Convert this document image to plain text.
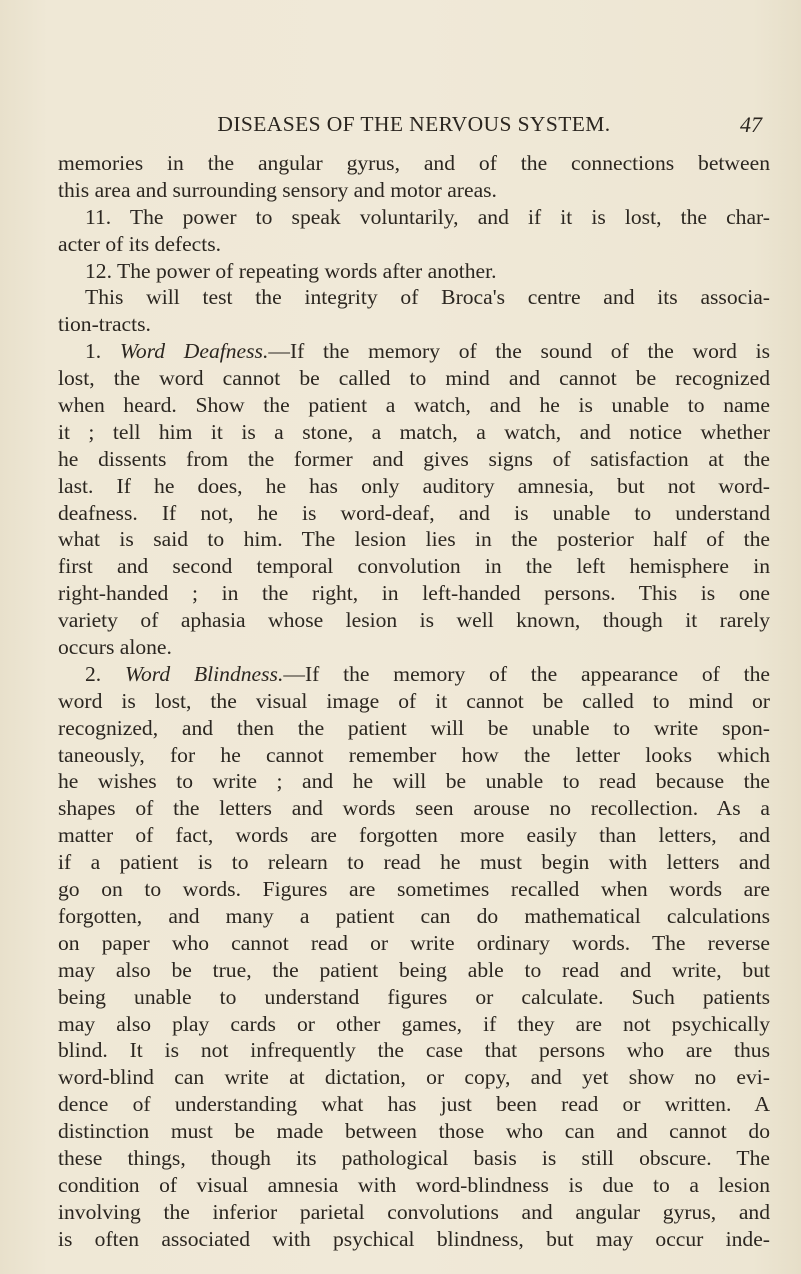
DISEASES OF THE NERVOUS SYSTEM.	47
memories in the angular gyrus, and of the connections between
this area and surrounding sensory and motor areas.
11. The power to speak voluntarily, and if it is lost, the char-
acter of its defects.
12. The power of repeating words after another.
This will test the integrity of Broca's centre and its associa-
tion-tracts.
1. Word Deafness.—If the memory of the sound of the word is
lost, the word cannot be called to mind and cannot be recognized
when heard. Show the patient a watch, and he is unable to name
it ; tell him it is a stone, a match, a watch, and notice whether
he dissents from the former and gives signs of satisfaction at the
last. If he does, he has only auditory amnesia, but not word-
deafness. If not, he is word-deaf, and is unable to understand
what is said to him. The lesion lies in the posterior half of the
first and second temporal convolution in the left hemisphere in
right-handed ; in the right, in left-handed persons. This is one
variety of aphasia whose lesion is well known, though it rarely
occurs alone.
2. Word Blindness.—If the memory of the appearance of the
word is lost, the visual image of it cannot be called to mind or
recognized, and then the patient will be unable to write spon-
taneously, for he cannot remember how the letter looks which
he wishes to write ; and he will be unable to read because the
shapes of the letters and words seen arouse no recollection. As a
matter of fact, words are forgotten more easily than letters, and
if a patient is to relearn to read he must begin with letters and
go on to words. Figures are sometimes recalled when words are
forgotten, and many a patient can do mathematical calculations
on paper who cannot read or write ordinary words. The reverse
may also be true, the patient being able to read and write, but
being unable to understand figures or calculate. Such patients
may also play cards or other games, if they are not psychically
blind. It is not infrequently the case that persons who are thus
word-blind can write at dictation, or copy, and yet show no evi-
dence of understanding what has just been read or written. A
distinction must be made between those who can and cannot do
these things, though its pathological basis is still obscure. The
condition of visual amnesia with word-blindness is due to a lesion
involving the inferior parietal convolutions and angular gyrus, and
is often associated with psychical blindness, but may occur inde-
